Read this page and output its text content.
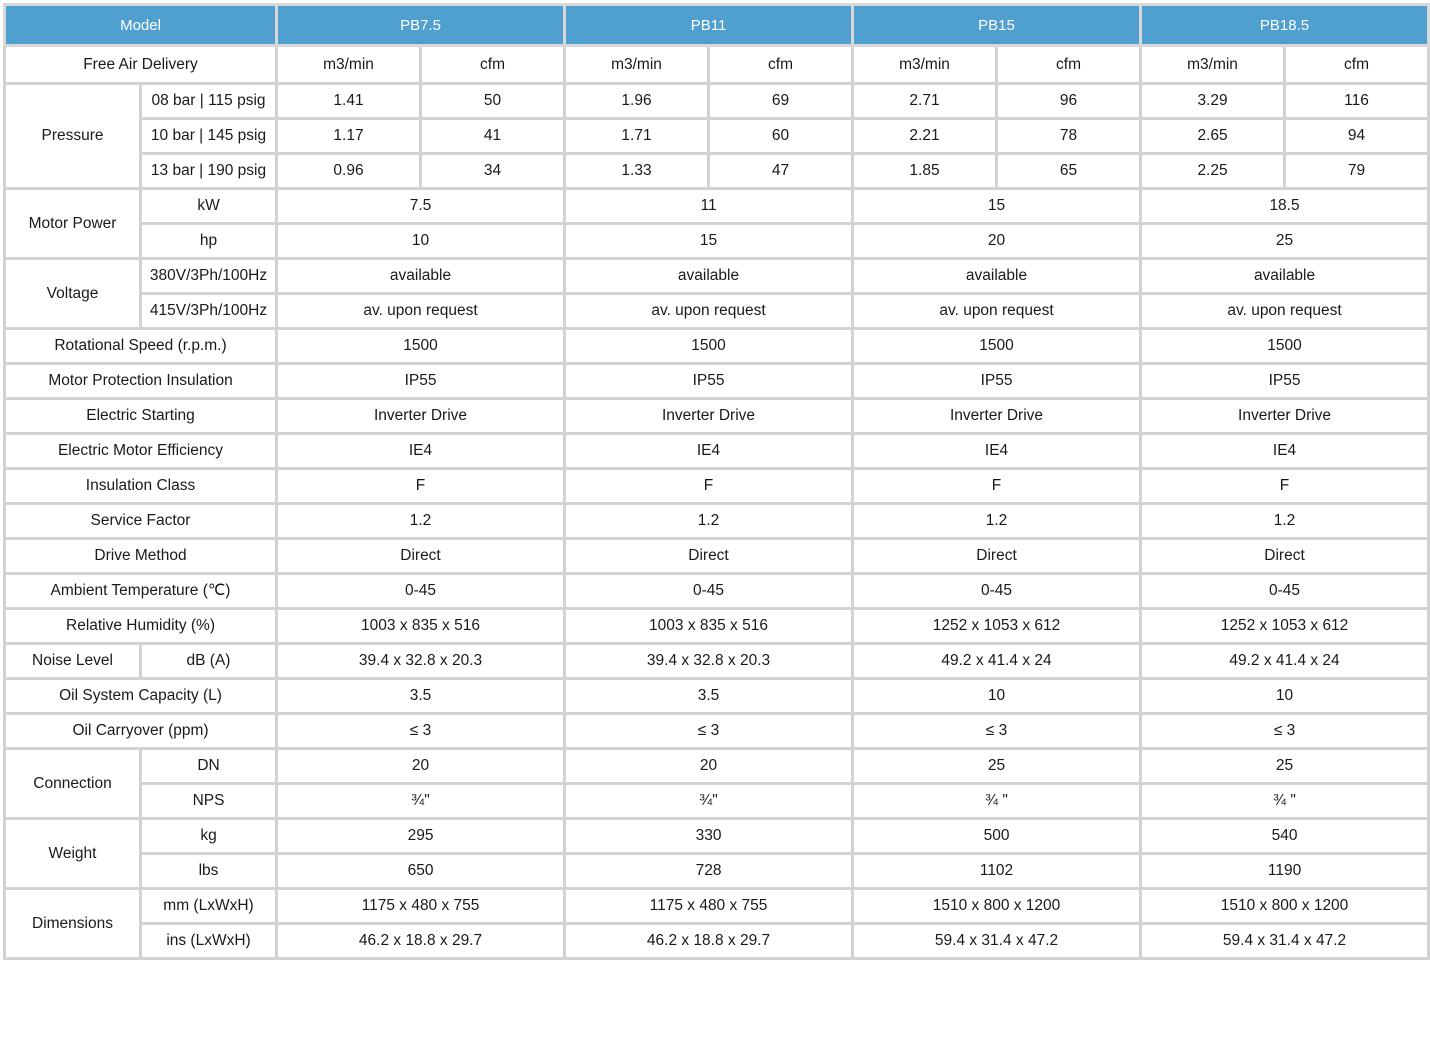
Model		PB7.5		PB11		PB15		PB18.5	
Free Air Delivery		m3/min	cfm	m3/min	cfm	m3/min	cfm	m3/min	cfm
Pressure	08 bar | 115 psig	1.41	50	1.96	69	2.71	96	3.29	116
	10 bar | 145 psig	1.17	41	1.71	60	2.21	78	2.65	94
	13 bar | 190 psig	0.96	34	1.33	47	1.85	65	2.25	79
Motor Power	kW	7.5		11		15		18.5	
	hp	10		15		20		25	
Voltage	380V/3Ph/100Hz	available		available		available		available	
	415V/3Ph/100Hz	av. upon request		av. upon request		av. upon request		av. upon request	
Rotational Speed (r.p.m.)		1500		1500		1500		1500	
Motor Protection Insulation		IP55		IP55		IP55		IP55	
Electric Starting		Inverter Drive		Inverter Drive		Inverter Drive		Inverter Drive	
Electric Motor Efficiency		IE4		IE4		IE4		IE4	
Insulation Class		F		F		F		F	
Service Factor		1.2		1.2		1.2		1.2	
Drive Method		Direct		Direct		Direct		Direct	
Ambient Temperature (℃)		0-45		0-45		0-45		0-45	
Relative Humidity (%)		1003 x 835 x 516		1003 x 835 x 516		1252 x 1053 x 612		1252 x 1053 x 612	
Noise Level	dB (A)	39.4 x 32.8 x 20.3		39.4 x 32.8 x 20.3		49.2 x 41.4 x 24		49.2 x 41.4 x 24	
Oil System Capacity (L)		3.5		3.5		10		10	
Oil Carryover (ppm)		≤ 3		≤ 3		≤ 3		≤ 3	
Connection	DN	20		20		25		25	
	NPS	¾"		¾"		¾ "		¾ "	
Weight	kg	295		330		500		540	
	lbs	650		728		1102		1190	
Dimensions	mm (LxWxH)	1175 x 480 x 755		1175 x 480 x 755		1510 x 800 x 1200		1510 x 800 x 1200	
	ins (LxWxH)	46.2 x 18.8 x 29.7		46.2 x 18.8 x 29.7		59.4 x 31.4 x 47.2		59.4 x 31.4 x 47.2	
